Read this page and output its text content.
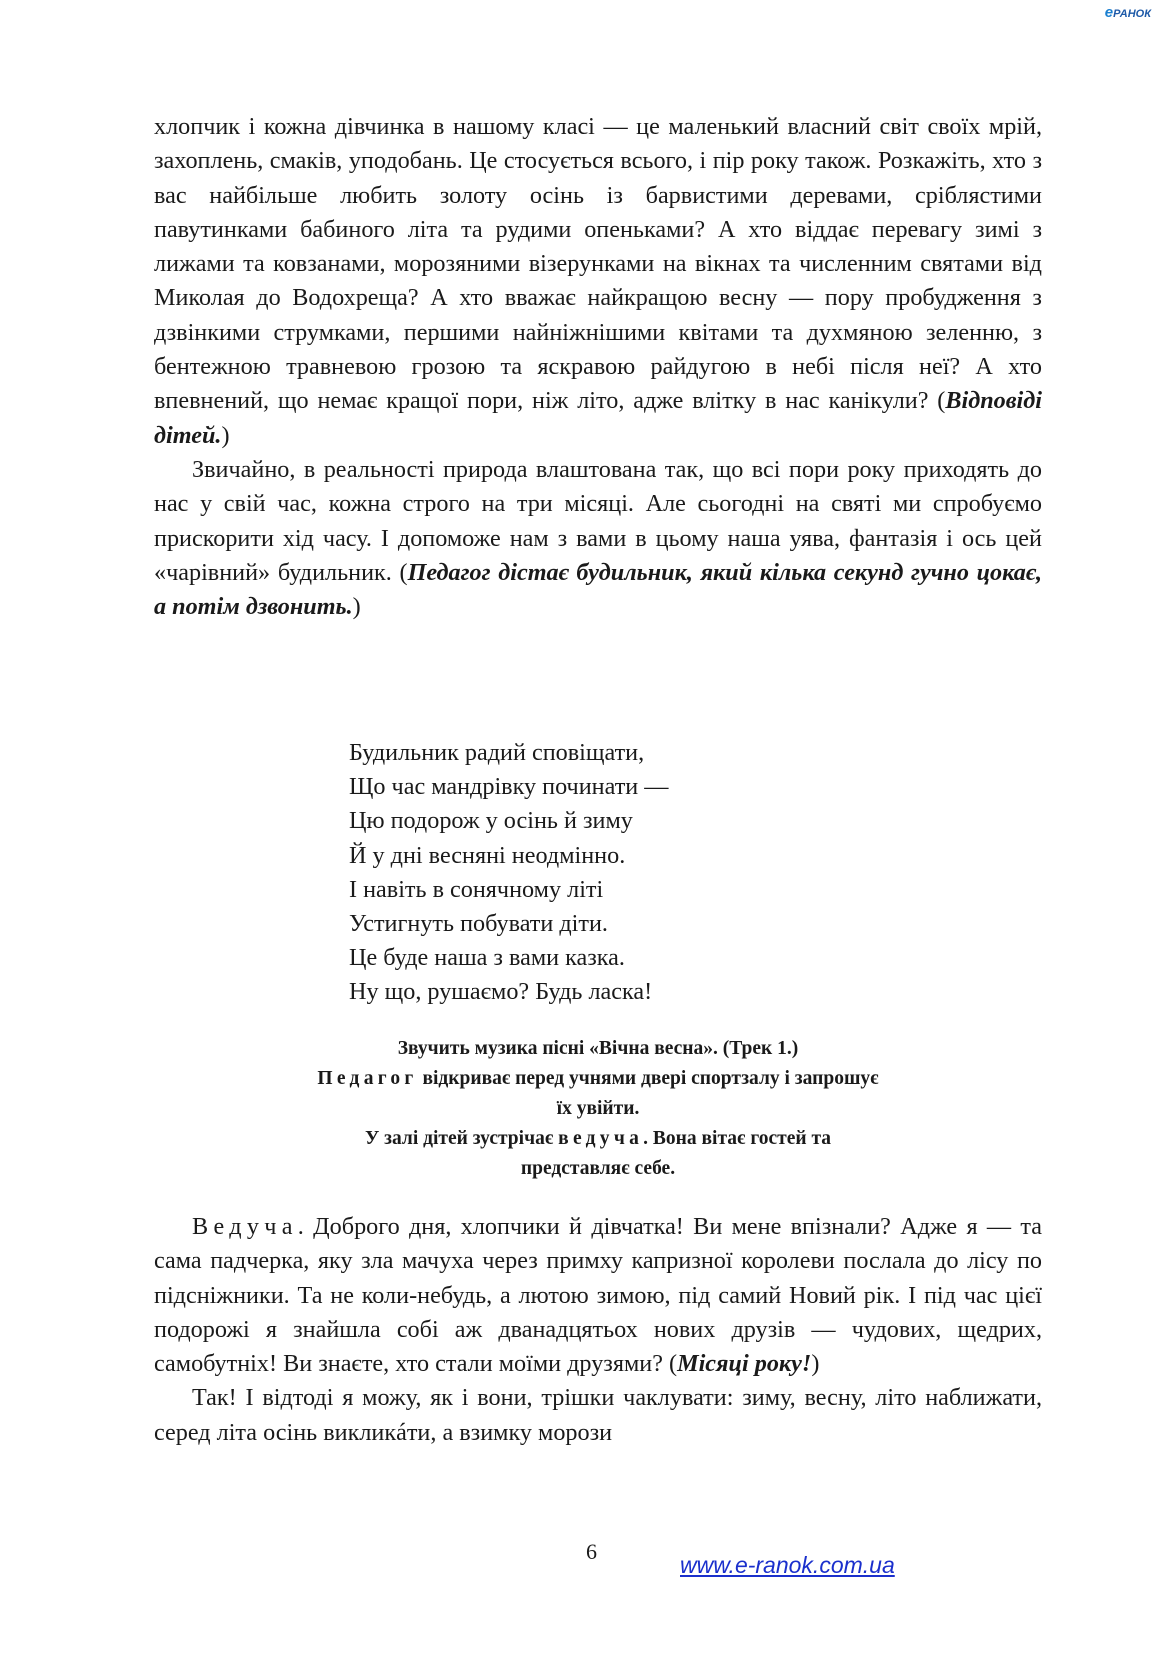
eРАНОК

хлопчик і кожна дівчинка в нашому класі — це маленький власний світ своїх мрій, захоплень, смаків, уподобань. Це стосується всього, і пір року також. Розкажіть, хто з вас найбільше любить золоту осінь із барвистими деревами, сріблястими павутинками бабиного літа та рудими опеньками? А хто віддає перевагу зимі з лижами та ковзанами, морозяними візерунками на вікнах та численним святами від Миколая до Водохреща? А хто вважає найкращою весну — пору пробудження з дзвінкими струмками, першими найніжнішими квітами та духмяною зеленню, з бентежною травневою грозою та яскравою райдугою в небі після неї? А хто впевнений, що немає кращої пори, ніж літо, адже влітку в нас канікули? (Відповіді дітей.)

Звичайно, в реальності природа влаштована так, що всі пори року приходять до нас у свій час, кожна строго на три місяці. Але сьогодні на святі ми спробуємо прискорити хід часу. І допоможе нам з вами в цьому наша уява, фантазія і ось цей «чарівний» будильник. (Педагог дістає будильник, який кілька секунд гучно цокає, а потім дзвонить.)

Будильник радий сповіщати,
Що час мандрівку починати —
Цю подорож у осінь й зиму
Й у дні весняні неодмінно.
І навіть в сонячному літі
Устигнуть побувати діти.
Це буде наша з вами казка.
Ну що, рушаємо? Будь ласка!
Звучить музика пісні «Вічна весна». (Трек 1.)
Педагог відкриває перед учнями двері спортзалу і запрошує
їх увійти.
У залі дітей зустрічає ведуча. Вона вітає гостей та
представляє себе.

Ведуча. Доброго дня, хлопчики й дівчатка! Ви мене впізнали? Адже я — та сама падчерка, яку зла мачуха через примху капризної королеви послала до лісу по підсніжники. Та не коли-небудь, а лютою зимою, під самий Новий рік. І під час цієї подорожі я знайшла собі аж дванадцятьох нових друзів — чудових, щедрих, самобутніх! Ви знаєте, хто стали моїми друзями? (Місяці року!)

Так! І відтоді я можу, як і вони, трішки чаклувати: зиму, весну, літо наближати, серед літа осінь викликáти, а взимку морози

6
www.e-ranok.com.ua
